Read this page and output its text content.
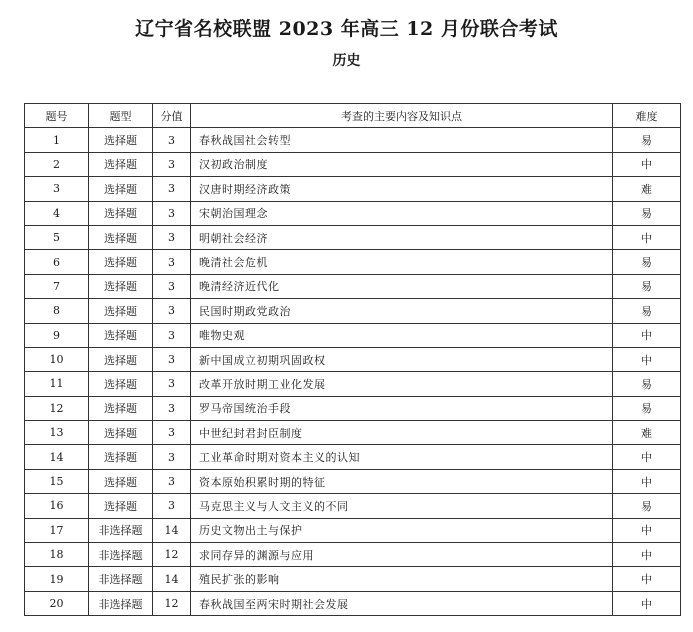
辽宁省名校联盟 2023 年高三 12 月份联合考试
历史
题号	题型	分值	考查的主要内容及知识点	难度
1	选择题	3	春秋战国社会转型	易
2	选择题	3	汉初政治制度	中
3	选择题	3	汉唐时期经济政策	难
4	选择题	3	宋朝治国理念	易
5	选择题	3	明朝社会经济	中
6	选择题	3	晚清社会危机	易
7	选择题	3	晚清经济近代化	易
8	选择题	3	民国时期政党政治	易
9	选择题	3	唯物史观	中
10	选择题	3	新中国成立初期巩固政权	中
11	选择题	3	改革开放时期工业化发展	易
12	选择题	3	罗马帝国统治手段	易
13	选择题	3	中世纪封君封臣制度	难
14	选择题	3	工业革命时期对资本主义的认知	中
15	选择题	3	资本原始积累时期的特征	中
16	选择题	3	马克思主义与人文主义的不同	易
17	非选择题	14	历史文物出土与保护	中
18	非选择题	12	求同存异的渊源与应用	中
19	非选择题	14	殖民扩张的影响	中
20	非选择题	12	春秋战国至两宋时期社会发展	中
